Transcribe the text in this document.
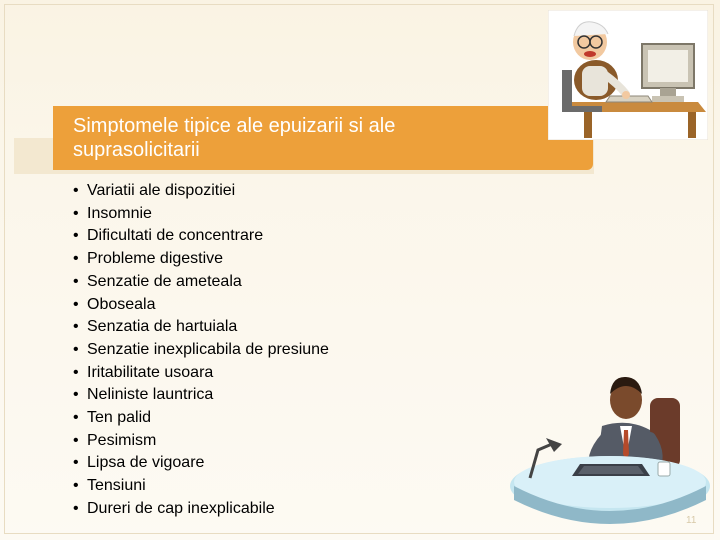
Simptomele tipice ale epuizarii si ale
suprasolicitarii

• Variatii ale dispozitiei
• Insomnie
• Dificultati de concentrare
• Probleme digestive
• Senzatie de ameteala
• Oboseala
• Senzatia de hartuiala
• Senzatie inexplicabila de presiune
• Iritabilitate usoara
• Neliniste launtrica
• Ten palid
• Pesimism
• Lipsa de vigoare
• Tensiuni
• Dureri de cap inexplicabile
11
